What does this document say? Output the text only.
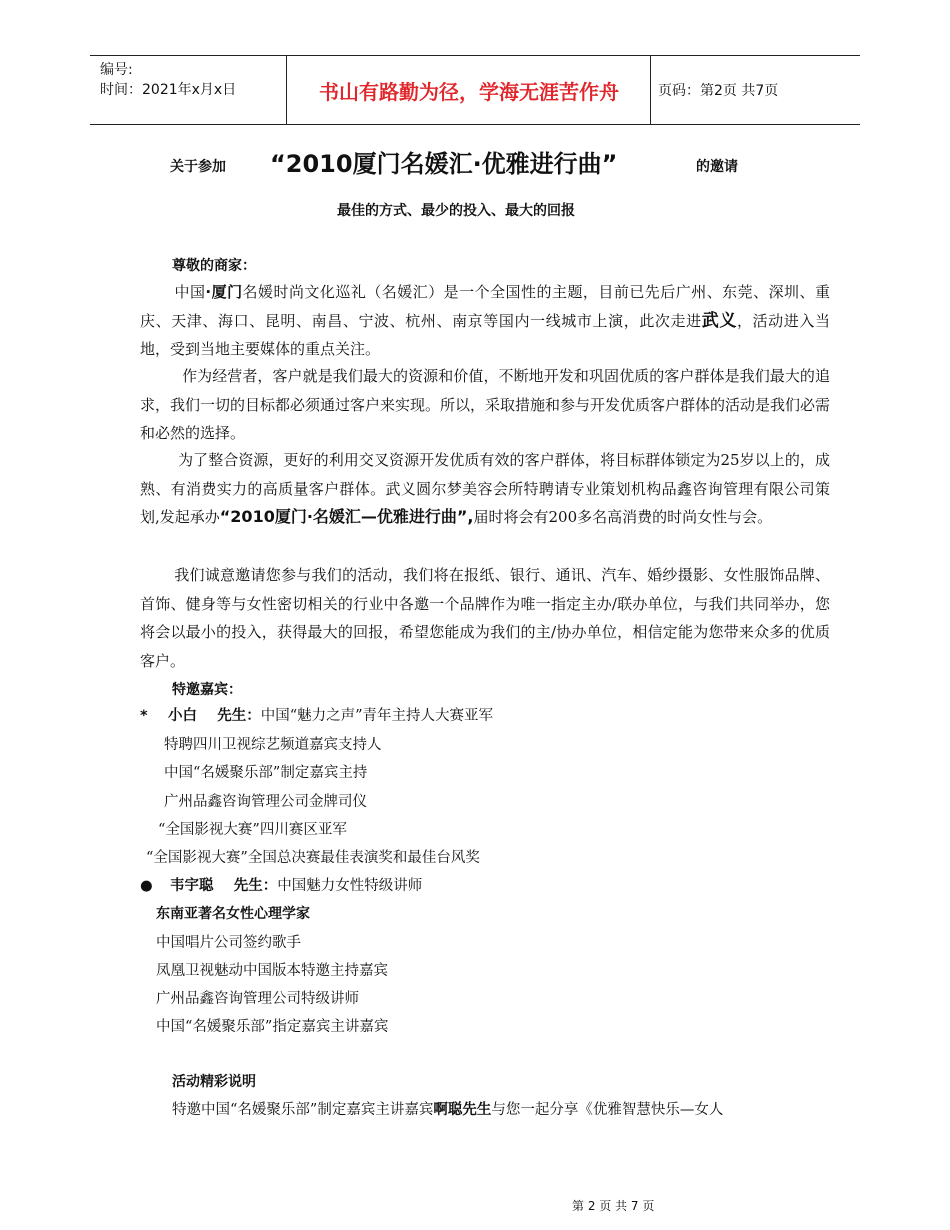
编号:
时间：2021年x月x日	书山有路勤为径，学海无涯苦作舟	页码：第2页 共7页
关于参加 “2010厦门名媛汇·优雅进行曲”	的邀请
最佳的方式、最少的投入、最大的回报
尊敬的商家：
中国·厦门名媛时尚文化巡礼（名媛汇）是一个全国性的主题，目前已先后广州、东莞、深圳、重庆、天津、海口、昆明、南昌、宁波、杭州、南京等国内一线城市上演，此次走进武义，活动进入当地，受到当地主要媒体的重点关注。
作为经营者，客户就是我们最大的资源和价值，不断地开发和巩固优质的客户群体是我们最大的追求，我们一切的目标都必须通过客户来实现。所以，采取措施和参与开发优质客户群体的活动是我们必需和必然的选择。
为了整合资源，更好的利用交叉资源开发优质有效的客户群体，将目标群体锁定为25岁以上的，成熟、有消费实力的高质量客户群体。武义圆尔梦美容会所特聘请专业策划机构品鑫咨询管理有限公司策划,发起承办“2010厦门·名媛汇—优雅进行曲”,届时将会有200多名高消费的时尚女性与会。
我们诚意邀请您参与我们的活动，我们将在报纸、银行、通讯、汽车、婚纱摄影、女性服饰品牌、首饰、健身等与女性密切相关的行业中各邀一个品牌作为唯一指定主办/联办单位，与我们共同举办，您将会以最小的投入，获得最大的回报，希望您能成为我们的主/协办单位，相信定能为您带来众多的优质客户。
特邀嘉宾：
* 小白    先生：中国“魅力之声”青年主持人大赛亚军
特聘四川卫视综艺频道嘉宾支持人
中国“名媛聚乐部”制定嘉宾主持
广州品鑫咨询管理公司金牌司仪
“全国影视大赛”四川赛区亚军
“全国影视大赛”全国总决赛最佳表演奖和最佳台风奖
● 韦宇聪    先生：中国魅力女性特级讲师
东南亚著名女性心理学家
中国唱片公司签约歌手
凤凰卫视魅动中国版本特邀主持嘉宾
广州品鑫咨询管理公司特级讲师
中国“名媛聚乐部”指定嘉宾主讲嘉宾
活动精彩说明
特邀中国“名媛聚乐部”制定嘉宾主讲嘉宾啊聪先生与您一起分享《优雅智慧快乐—女人
第 2 页 共 7 页
